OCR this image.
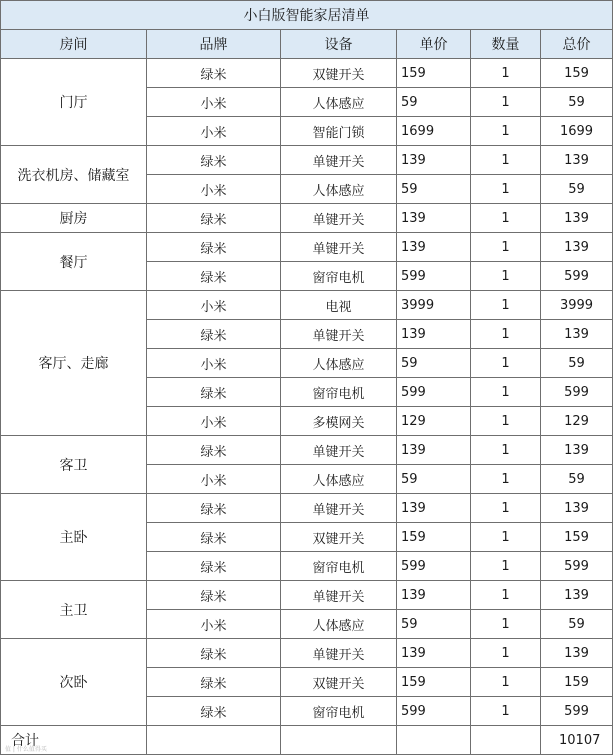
小白版智能家居清单					
房间	品牌	设备	单价	数量	总价
门厅	绿米	双键开关	159	1	159
	小米	人体感应	59	1	59
	小米	智能门锁	1699	1	1699
洗衣机房、储藏室	绿米	单键开关	139	1	139
	小米	人体感应	59	1	59
厨房	绿米	单键开关	139	1	139
餐厅	绿米	单键开关	139	1	139
	绿米	窗帘电机	599	1	599
客厅、走廊	小米	电视	3999	1	3999
	绿米	单键开关	139	1	139
	小米	人体感应	59	1	59
	绿米	窗帘电机	599	1	599
	小米	多模网关	129	1	129
客卫	绿米	单键开关	139	1	139
	小米	人体感应	59	1	59
主卧	绿米	单键开关	139	1	139
	绿米	双键开关	159	1	159
	绿米	窗帘电机	599	1	599
主卫	绿米	单键开关	139	1	139
	小米	人体感应	59	1	59
次卧	绿米	单键开关	139	1	139
	绿米	双键开关	159	1	159
	绿米	窗帘电机	599	1	599
合计					10107
值 | 什么值得买
